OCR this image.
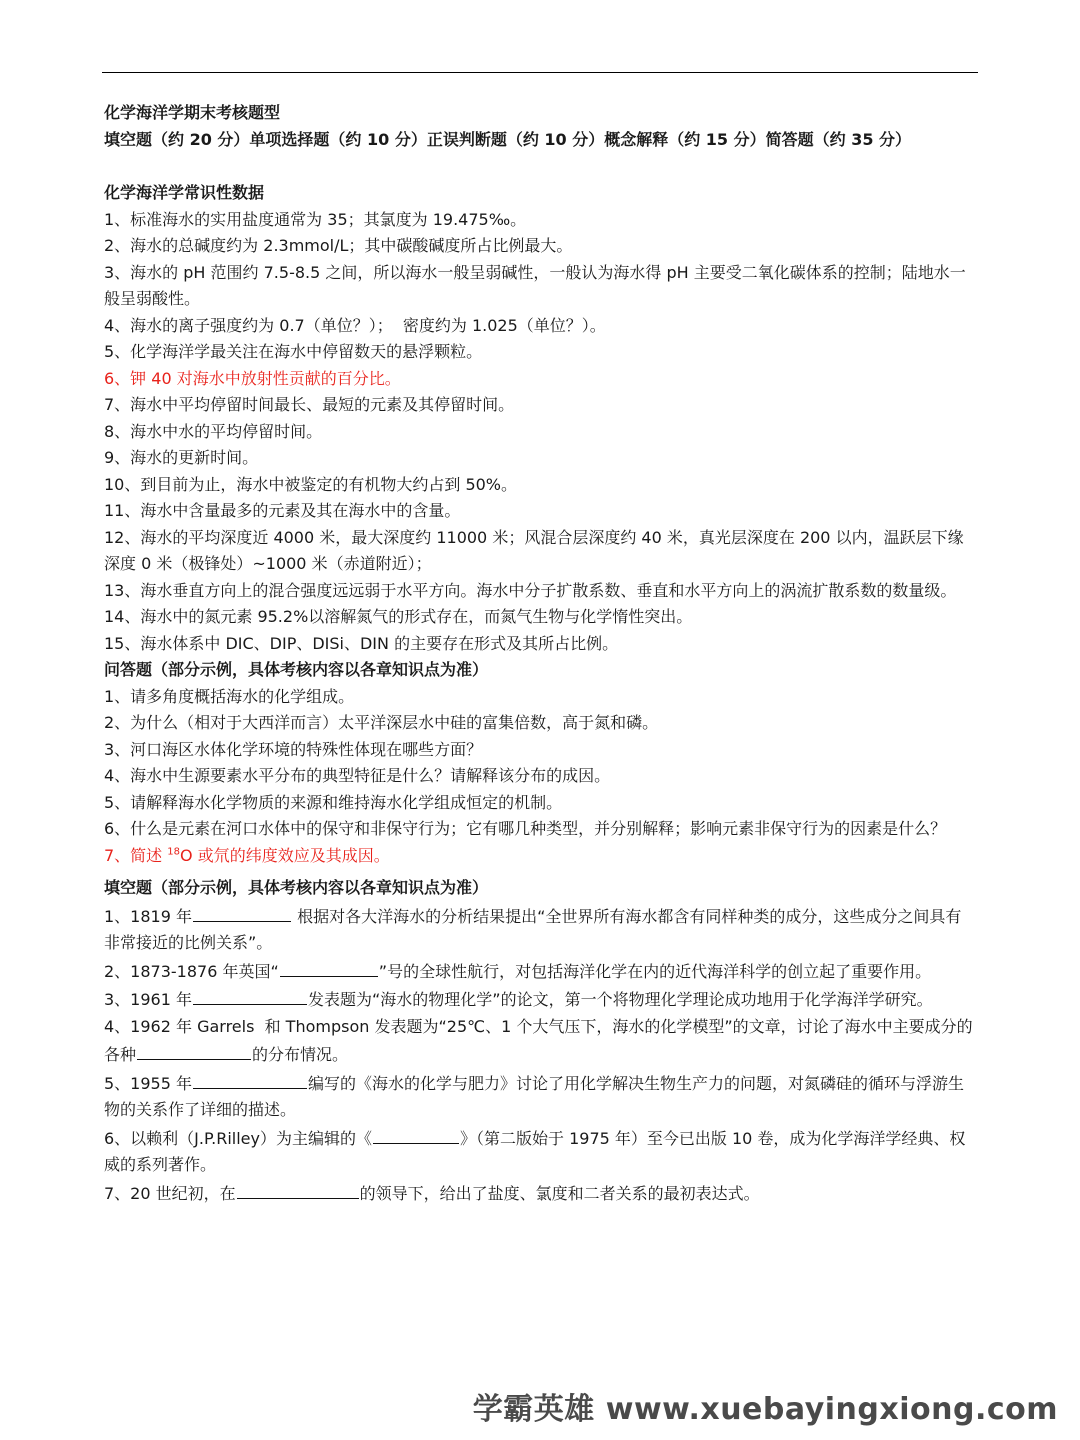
化学海洋学期末考核题型
填空题（约 20 分）单项选择题（约 10 分）正误判断题（约 10 分）概念解释（约 15 分）简答题（约 35 分）
化学海洋学常识性数据
1、标准海水的实用盐度通常为 35；其氯度为 19.475‰。
2、海水的总碱度约为 2.3mmol/L；其中碳酸碱度所占比例最大。
3、海水的 pH 范围约 7.5-8.5 之间，所以海水一般呈弱碱性，一般认为海水得 pH 主要受二氧化碳体系的控制；陆地水一般呈弱酸性。
4、海水的离子强度约为 0.7（单位？）；  密度约为 1.025（单位？）。
5、化学海洋学最关注在海水中停留数天的悬浮颗粒。
6、钾 40 对海水中放射性贡献的百分比。
7、海水中平均停留时间最长、最短的元素及其停留时间。
8、海水中水的平均停留时间。
9、海水的更新时间。
10、到目前为止，海水中被鉴定的有机物大约占到 50%。
11、海水中含量最多的元素及其在海水中的含量。
12、海水的平均深度近 4000 米，最大深度约 11000 米；风混合层深度约 40 米，真光层深度在 200 以内，温跃层下缘深度 0 米（极锋处）~1000 米（赤道附近）；
13、海水垂直方向上的混合强度远远弱于水平方向。海水中分子扩散系数、垂直和水平方向上的涡流扩散系数的数量级。
14、海水中的氮元素 95.2%以溶解氮气的形式存在，而氮气生物与化学惰性突出。
15、海水体系中 DIC、DIP、DISi、DIN 的主要存在形式及其所占比例。
问答题（部分示例，具体考核内容以各章知识点为准）
1、请多角度概括海水的化学组成。
2、为什么（相对于大西洋而言）太平洋深层水中硅的富集倍数，高于氮和磷。
3、河口海区水体化学环境的特殊性体现在哪些方面？
4、海水中生源要素水平分布的典型特征是什么？请解释该分布的成因。
5、请解释海水化学物质的来源和维持海水化学组成恒定的机制。
6、什么是元素在河口水体中的保守和非保守行为；它有哪几种类型，并分别解释；影响元素非保守行为的因素是什么？
7、简述 $^{18}$O 或氘的纬度效应及其成因。
填空题（部分示例，具体考核内容以各章知识点为准）
1、1819 年	根据对各大洋海水的分析结果提出“全世界所有海水都含有同样种类的成分，这些成分之间具有非常接近的比例关系”。
2、1873-1876 年英国“	”号的全球性航行，对包括海洋化学在内的近代海洋科学的创立起了重要作用。
3、1961 年	发表题为“海水的物理化学”的论文，第一个将物理化学理论成功地用于化学海洋学研究。
4、1962 年 Garrels  和 Thompson 发表题为“25℃、1 个大气压下，海水的化学模型”的文章，讨论了海水中主要成分的各种	的分布情况。
5、1955 年	编写的《海水的化学与肥力》讨论了用化学解决生物生产力的问题，对氮磷硅的循环与浮游生物的关系作了详细的描述。
6、以赖利（J.P.Rilley）为主编辑的《	》（第二版始于 1975 年）至今已出版 10 卷，成为化学海洋学经典、权威的系列著作。
7、20 世纪初，在	的领导下，给出了盐度、氯度和二者关系的最初表达式。
学霸英雄 www.xuebayingxiong.com
